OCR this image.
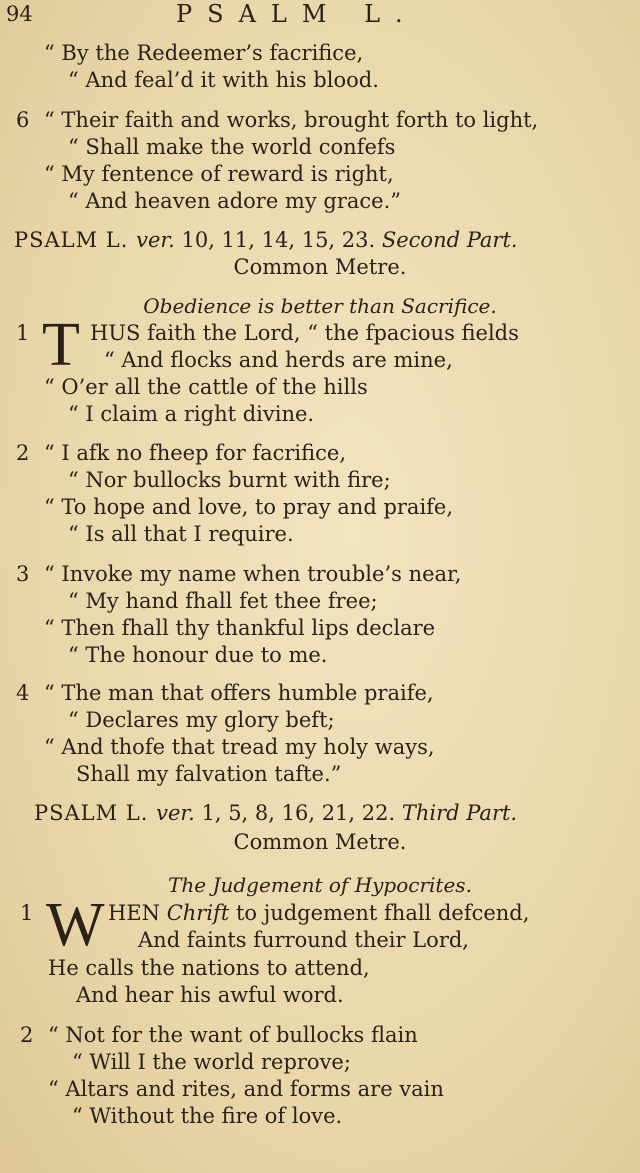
94	PSALM L.
“ By the Redeemer’s facrifice,
“ And feal’d it with his blood.
6 “ Their faith and works, brought forth to light,
“ Shall make the world confefs
“ My fentence of reward is right,
“ And heaven adore my grace.”
PSALM L. ver. 10, 11, 14, 15, 23. Second Part.
Common Metre.
Obedience is better than Sacrifice.
1 T HUS faith the Lord, “ the fpacious fields
“ And flocks and herds are mine,
“ O’er all the cattle of the hills
“ I claim a right divine.
2 “ I afk no fheep for facrifice,
“ Nor bullocks burnt with fire;
“ To hope and love, to pray and praife,
“ Is all that I require.
3 “ Invoke my name when trouble’s near,
“ My hand fhall fet thee free;
“ Then fhall thy thankful lips declare
“ The honour due to me.
4 “ The man that offers humble praife,
“ Declares my glory beft;
“ And thofe that tread my holy ways,
Shall my falvation tafte.”
PSALM L. ver. 1, 5, 8, 16, 21, 22. Third Part.
Common Metre.
The Judgement of Hypocrites.
1 W HEN Chrift to judgement fhall defcend,
And faints furround their Lord,
He calls the nations to attend,
And hear his awful word.
2 “ Not for the want of bullocks flain
“ Will I the world reprove;
“ Altars and rites, and forms are vain
“ Without the fire of love.
